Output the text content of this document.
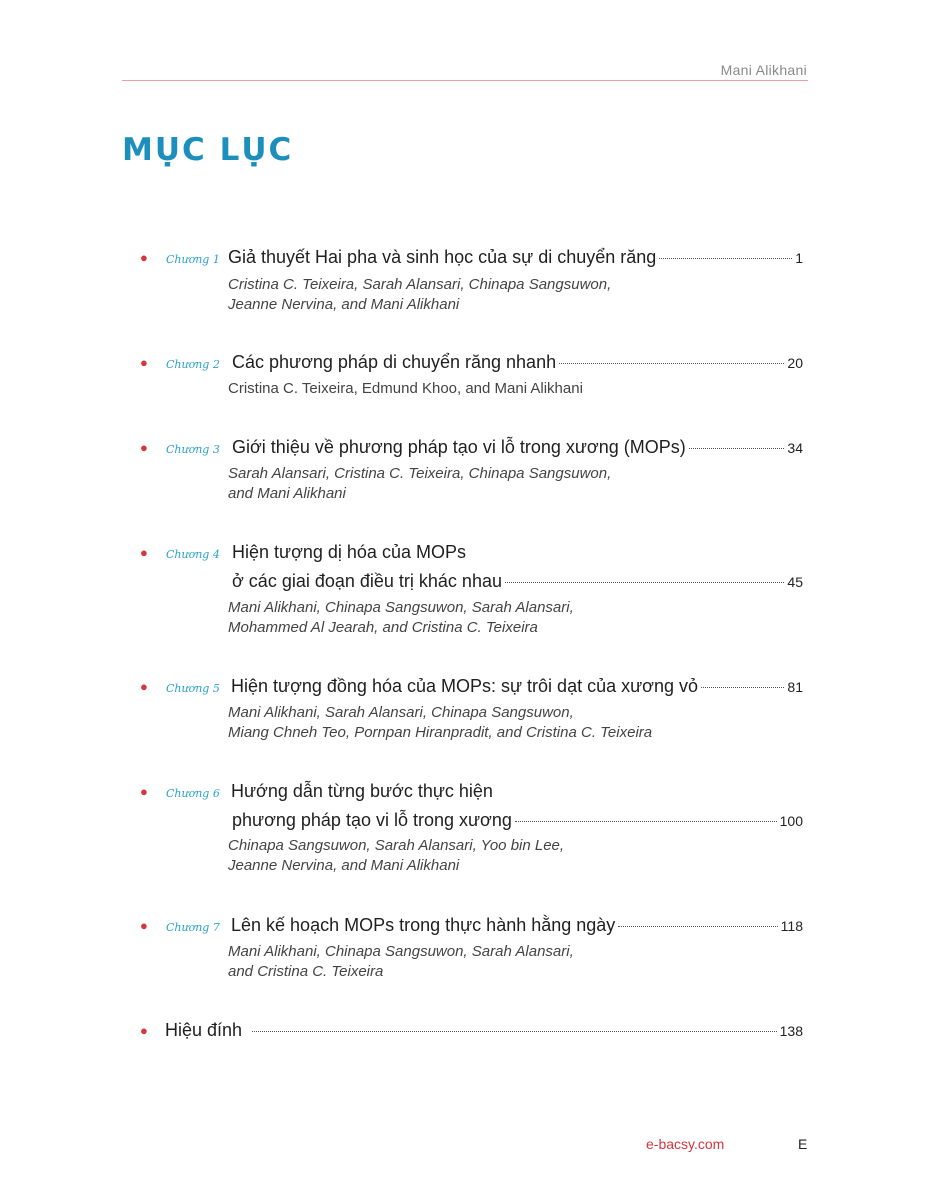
Mani Alikhani
MỤC LỤC
● Chương 1 Giả thuyết Hai pha và sinh học của sự di chuyển răng	1
Cristina C. Teixeira, Sarah Alansari, Chinapa Sangsuwon,
Jeanne Nervina, and Mani Alikhani
● Chương 2 Các phương pháp di chuyển răng nhanh	20
Cristina C. Teixeira, Edmund Khoo, and Mani Alikhani
● Chương 3 Giới thiệu về phương pháp tạo vi lỗ trong xương (MOPs)	34
Sarah Alansari, Cristina C. Teixeira, Chinapa Sangsuwon,
and Mani Alikhani
● Chương 4 Hiện tượng dị hóa của MOPs
ở các giai đoạn điều trị khác nhau	45
Mani Alikhani, Chinapa Sangsuwon, Sarah Alansari,
Mohammed Al Jearah, and Cristina C. Teixeira
● Chương 5 Hiện tượng đồng hóa của MOPs: sự trôi dạt của xương vỏ	81
Mani Alikhani, Sarah Alansari, Chinapa Sangsuwon,
Miang Chneh Teo, Pornpan Hiranpradit, and Cristina C. Teixeira
● Chương 6 Hướng dẫn từng bước thực hiện
phương pháp tạo vi lỗ trong xương	100
Chinapa Sangsuwon, Sarah Alansari, Yoo bin Lee,
Jeanne Nervina, and Mani Alikhani
● Chương 7 Lên kế hoạch MOPs trong thực hành hằng ngày	118
Mani Alikhani, Chinapa Sangsuwon, Sarah Alansari,
and Cristina C. Teixeira
● Hiệu đính	138
e-bacsy.com	E
